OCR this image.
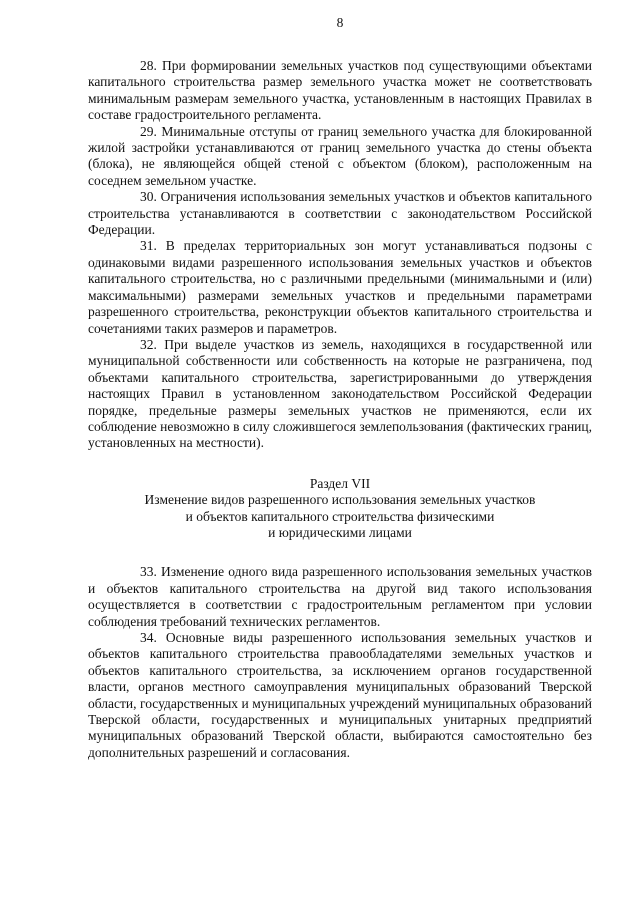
8

28. При формировании земельных участков под существующими объектами капитального строительства размер земельного участка может не соответствовать минимальным размерам земельного участка, установленным в настоящих Правилах в составе градостроительного регламента.

29. Минимальные отступы от границ земельного участка для блокированной жилой застройки устанавливаются от границ земельного участка до стены объекта (блока), не являющейся общей стеной с объектом (блоком), расположенным на соседнем земельном участке.

30. Ограничения использования земельных участков и объектов капитального строительства устанавливаются в соответствии с законодательством Российской Федерации.

31. В пределах территориальных зон могут устанавливаться подзоны с одинаковыми видами разрешенного использования земельных участков и объектов капитального строительства, но с различными предельными (минимальными и (или) максимальными) размерами земельных участков и предельными параметрами разрешенного строительства, реконструкции объектов капитального строительства и сочетаниями таких размеров и параметров.

32. При выделе участков из земель, находящихся в государственной или муниципальной собственности или собственность на которые не разграничена, под объектами капитального строительства, зарегистрированными до утверждения настоящих Правил в установленном законодательством Российской Федерации порядке, предельные размеры земельных участков не применяются, если их соблюдение невозможно в силу сложившегося землепользования (фактических границ, установленных на местности).

Раздел VII
Изменение видов разрешенного использования земельных участков
и объектов капитального строительства физическими
и юридическими лицами

33. Изменение одного вида разрешенного использования земельных участков и объектов капитального строительства на другой вид такого использования осуществляется в соответствии с градостроительным регламентом при условии соблюдения требований технических регламентов.

34. Основные виды разрешенного использования земельных участков и объектов капитального строительства правообладателями земельных участков и объектов капитального строительства, за исключением органов государственной власти, органов местного самоуправления муниципальных образований Тверской области, государственных и муниципальных учреждений муниципальных образований Тверской области, государственных и муниципальных унитарных предприятий муниципальных образований Тверской области, выбираются самостоятельно без дополнительных разрешений и согласования.
